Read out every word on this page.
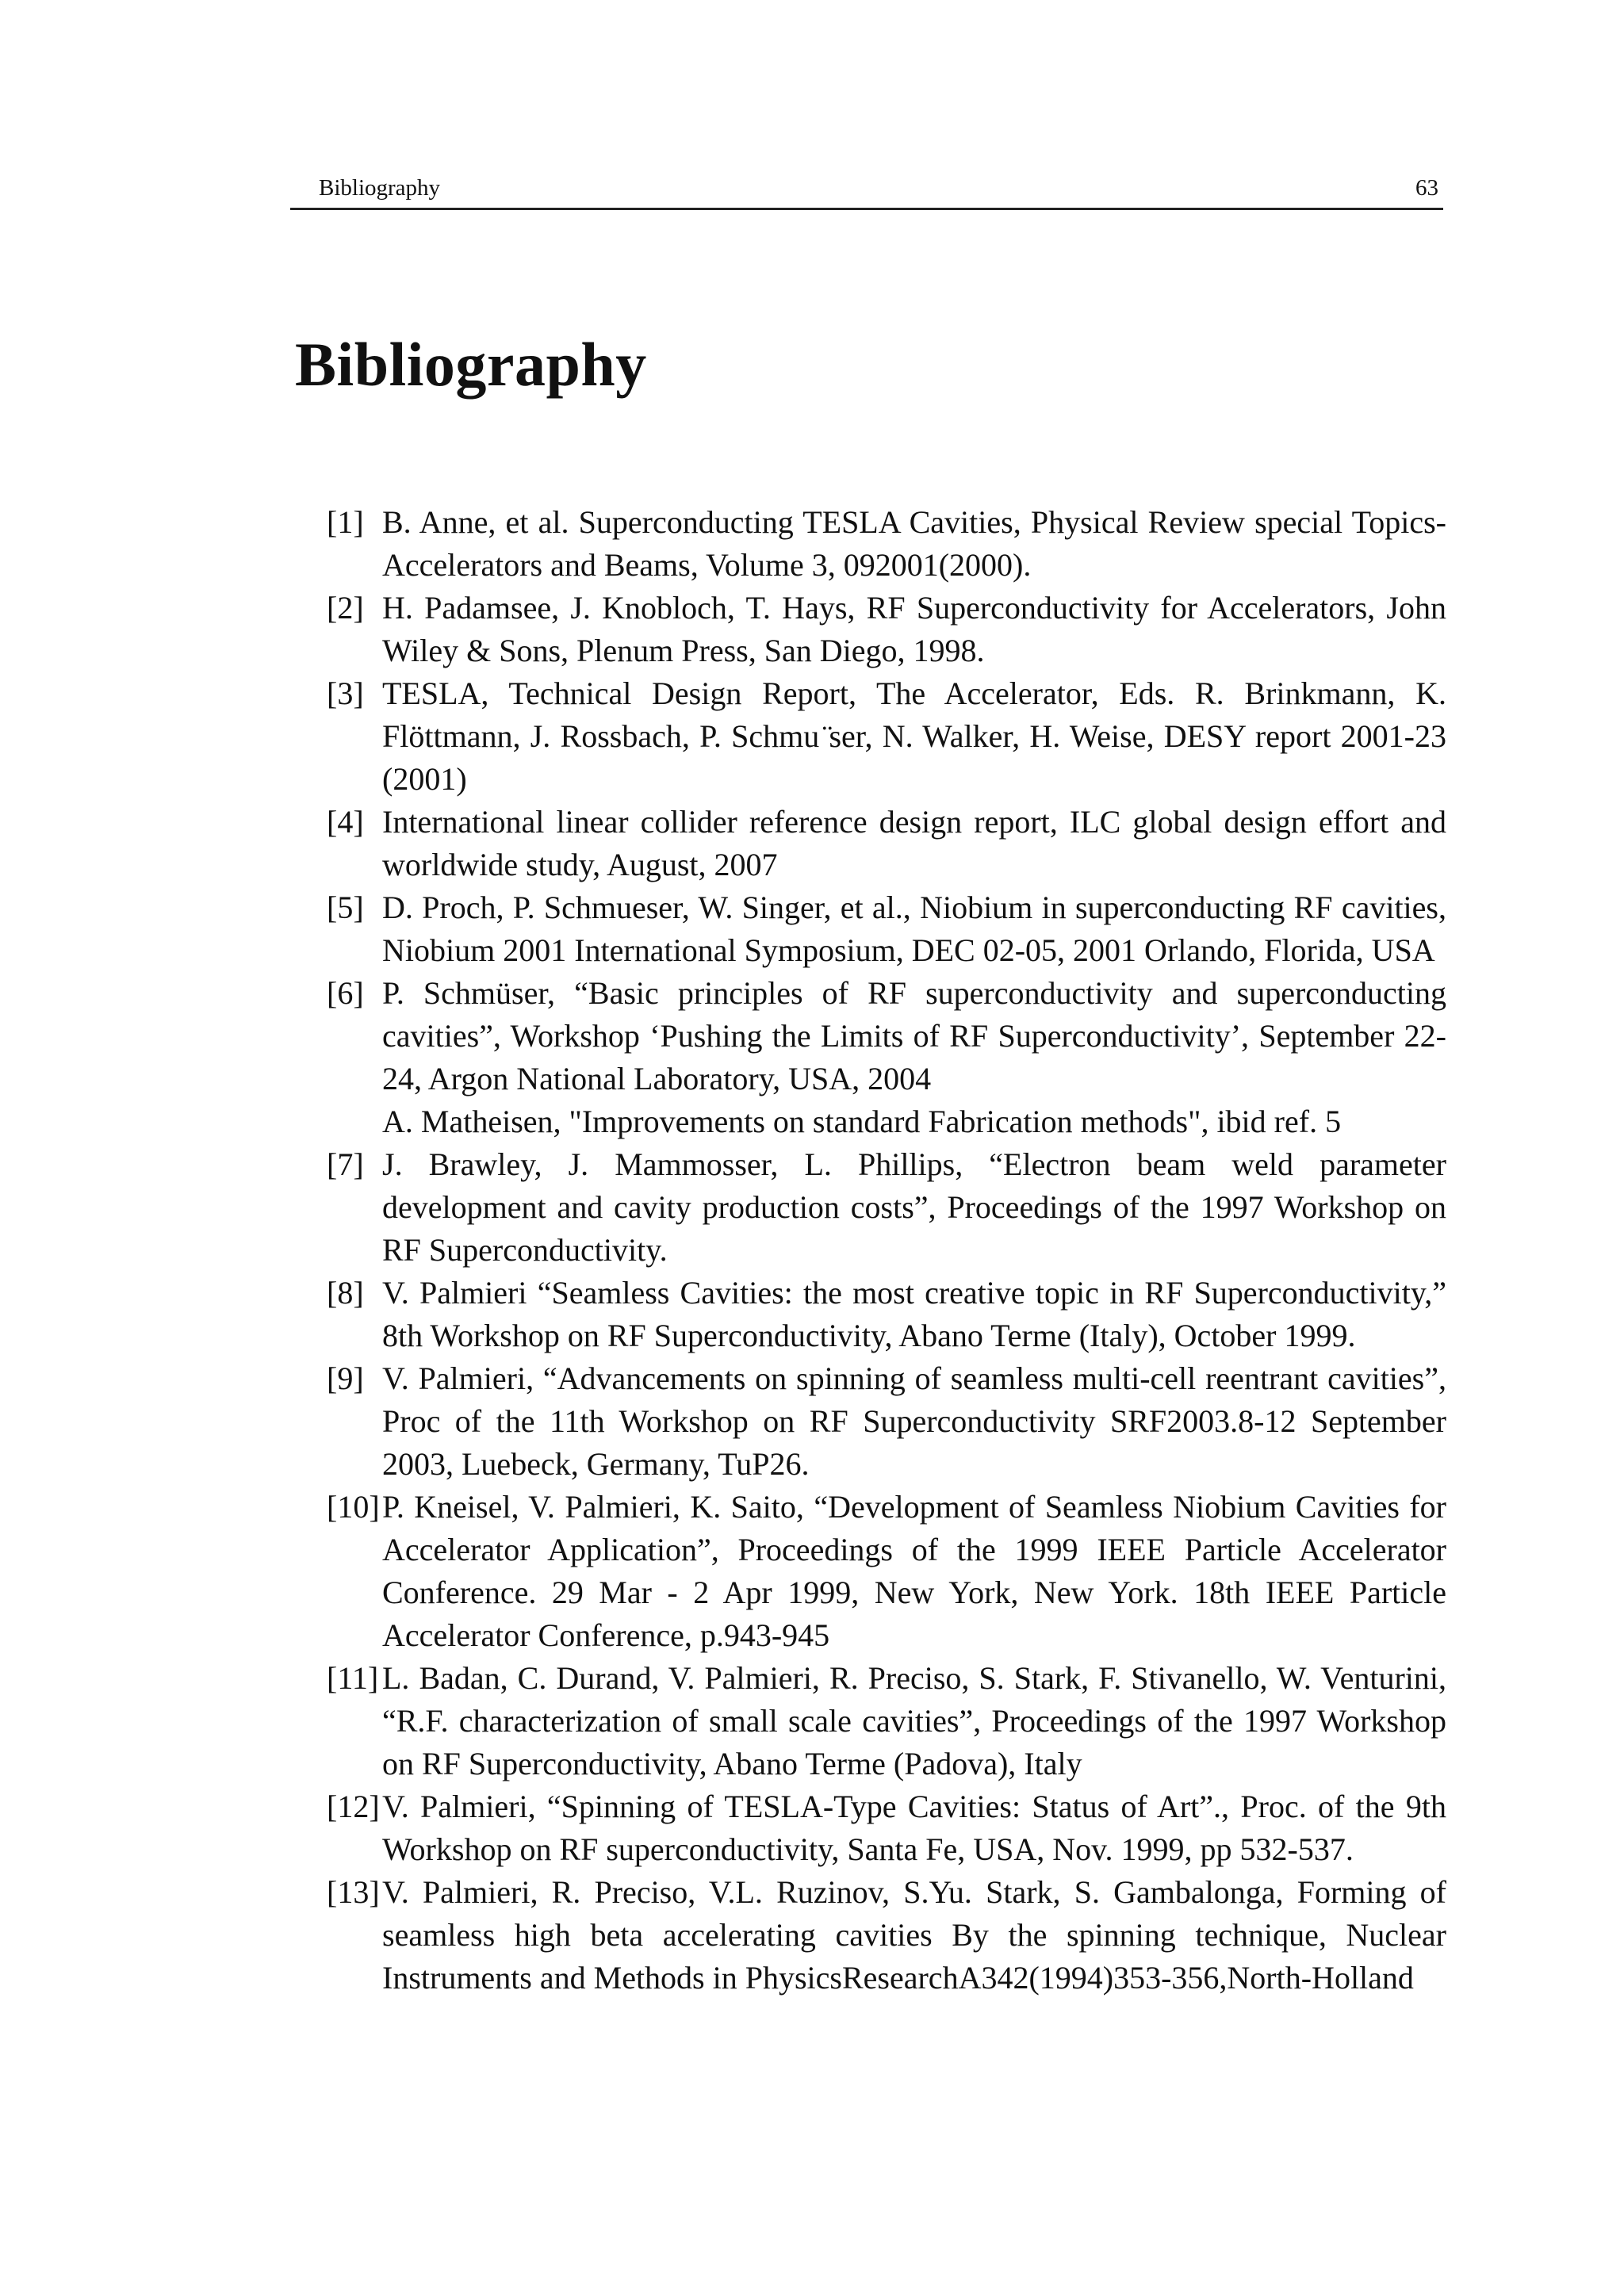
Bibliography	63
Bibliography
[1] B. Anne, et al. Superconducting TESLA Cavities, Physical Review special Topics-Accelerators and Beams, Volume 3, 092001(2000).
[2] H. Padamsee, J. Knobloch, T. Hays, RF Superconductivity for Accelerators, John Wiley & Sons, Plenum Press, San Diego, 1998.
[3] TESLA, Technical Design Report, The Accelerator, Eds. R. Brinkmann, K. Flöttmann, J. Rossbach, P. Schmu ̈ser, N. Walker, H. Weise, DESY report 2001-23 (2001)
[4] International linear collider reference design report, ILC global design effort and worldwide study, August, 2007
[5] D. Proch, P. Schmueser, W. Singer, et al., Niobium in superconducting RF cavities, Niobium 2001 International Symposium, DEC 02-05, 2001 Orlando, Florida, USA
[6] P. Schmüser, “Basic principles of RF superconductivity and superconducting cavities”, Workshop ‘Pushing the Limits of RF Superconductivity’, September 22-24, Argon National Laboratory, USA, 2004
A. Matheisen, "Improvements on standard Fabrication methods", ibid ref. 5
[7] J. Brawley, J. Mammosser, L. Phillips, “Electron beam weld parameter development and cavity production costs”, Proceedings of the 1997 Workshop on RF Superconductivity.
[8] V. Palmieri “Seamless Cavities: the most creative topic in RF Superconductivity,” 8th Workshop on RF Superconductivity, Abano Terme (Italy), October 1999.
[9] V. Palmieri, “Advancements on spinning of seamless multi-cell reentrant cavities”, Proc of the 11th Workshop on RF Superconductivity SRF2003.8-12 September 2003, Luebeck, Germany, TuP26.
[10] P. Kneisel, V. Palmieri, K. Saito, “Development of Seamless Niobium Cavities for Accelerator Application”, Proceedings of the 1999 IEEE Particle Accelerator Conference. 29 Mar - 2 Apr 1999, New York, New York. 18th IEEE Particle Accelerator Conference, p.943-945
[11] L. Badan, C. Durand, V. Palmieri, R. Preciso, S. Stark, F. Stivanello, W. Venturini, “R.F. characterization of small scale cavities”, Proceedings of the 1997 Workshop on RF Superconductivity, Abano Terme (Padova), Italy
[12] V. Palmieri, “Spinning of TESLA-Type Cavities: Status of Art”., Proc. of the 9th Workshop on RF superconductivity, Santa Fe, USA, Nov. 1999, pp 532-537.
[13] V. Palmieri, R. Preciso, V.L. Ruzinov, S.Yu. Stark, S. Gambalonga, Forming of seamless high beta accelerating cavities By the spinning technique, Nuclear Instruments and Methods in PhysicsResearchA342(1994)353-356,North-Holland
